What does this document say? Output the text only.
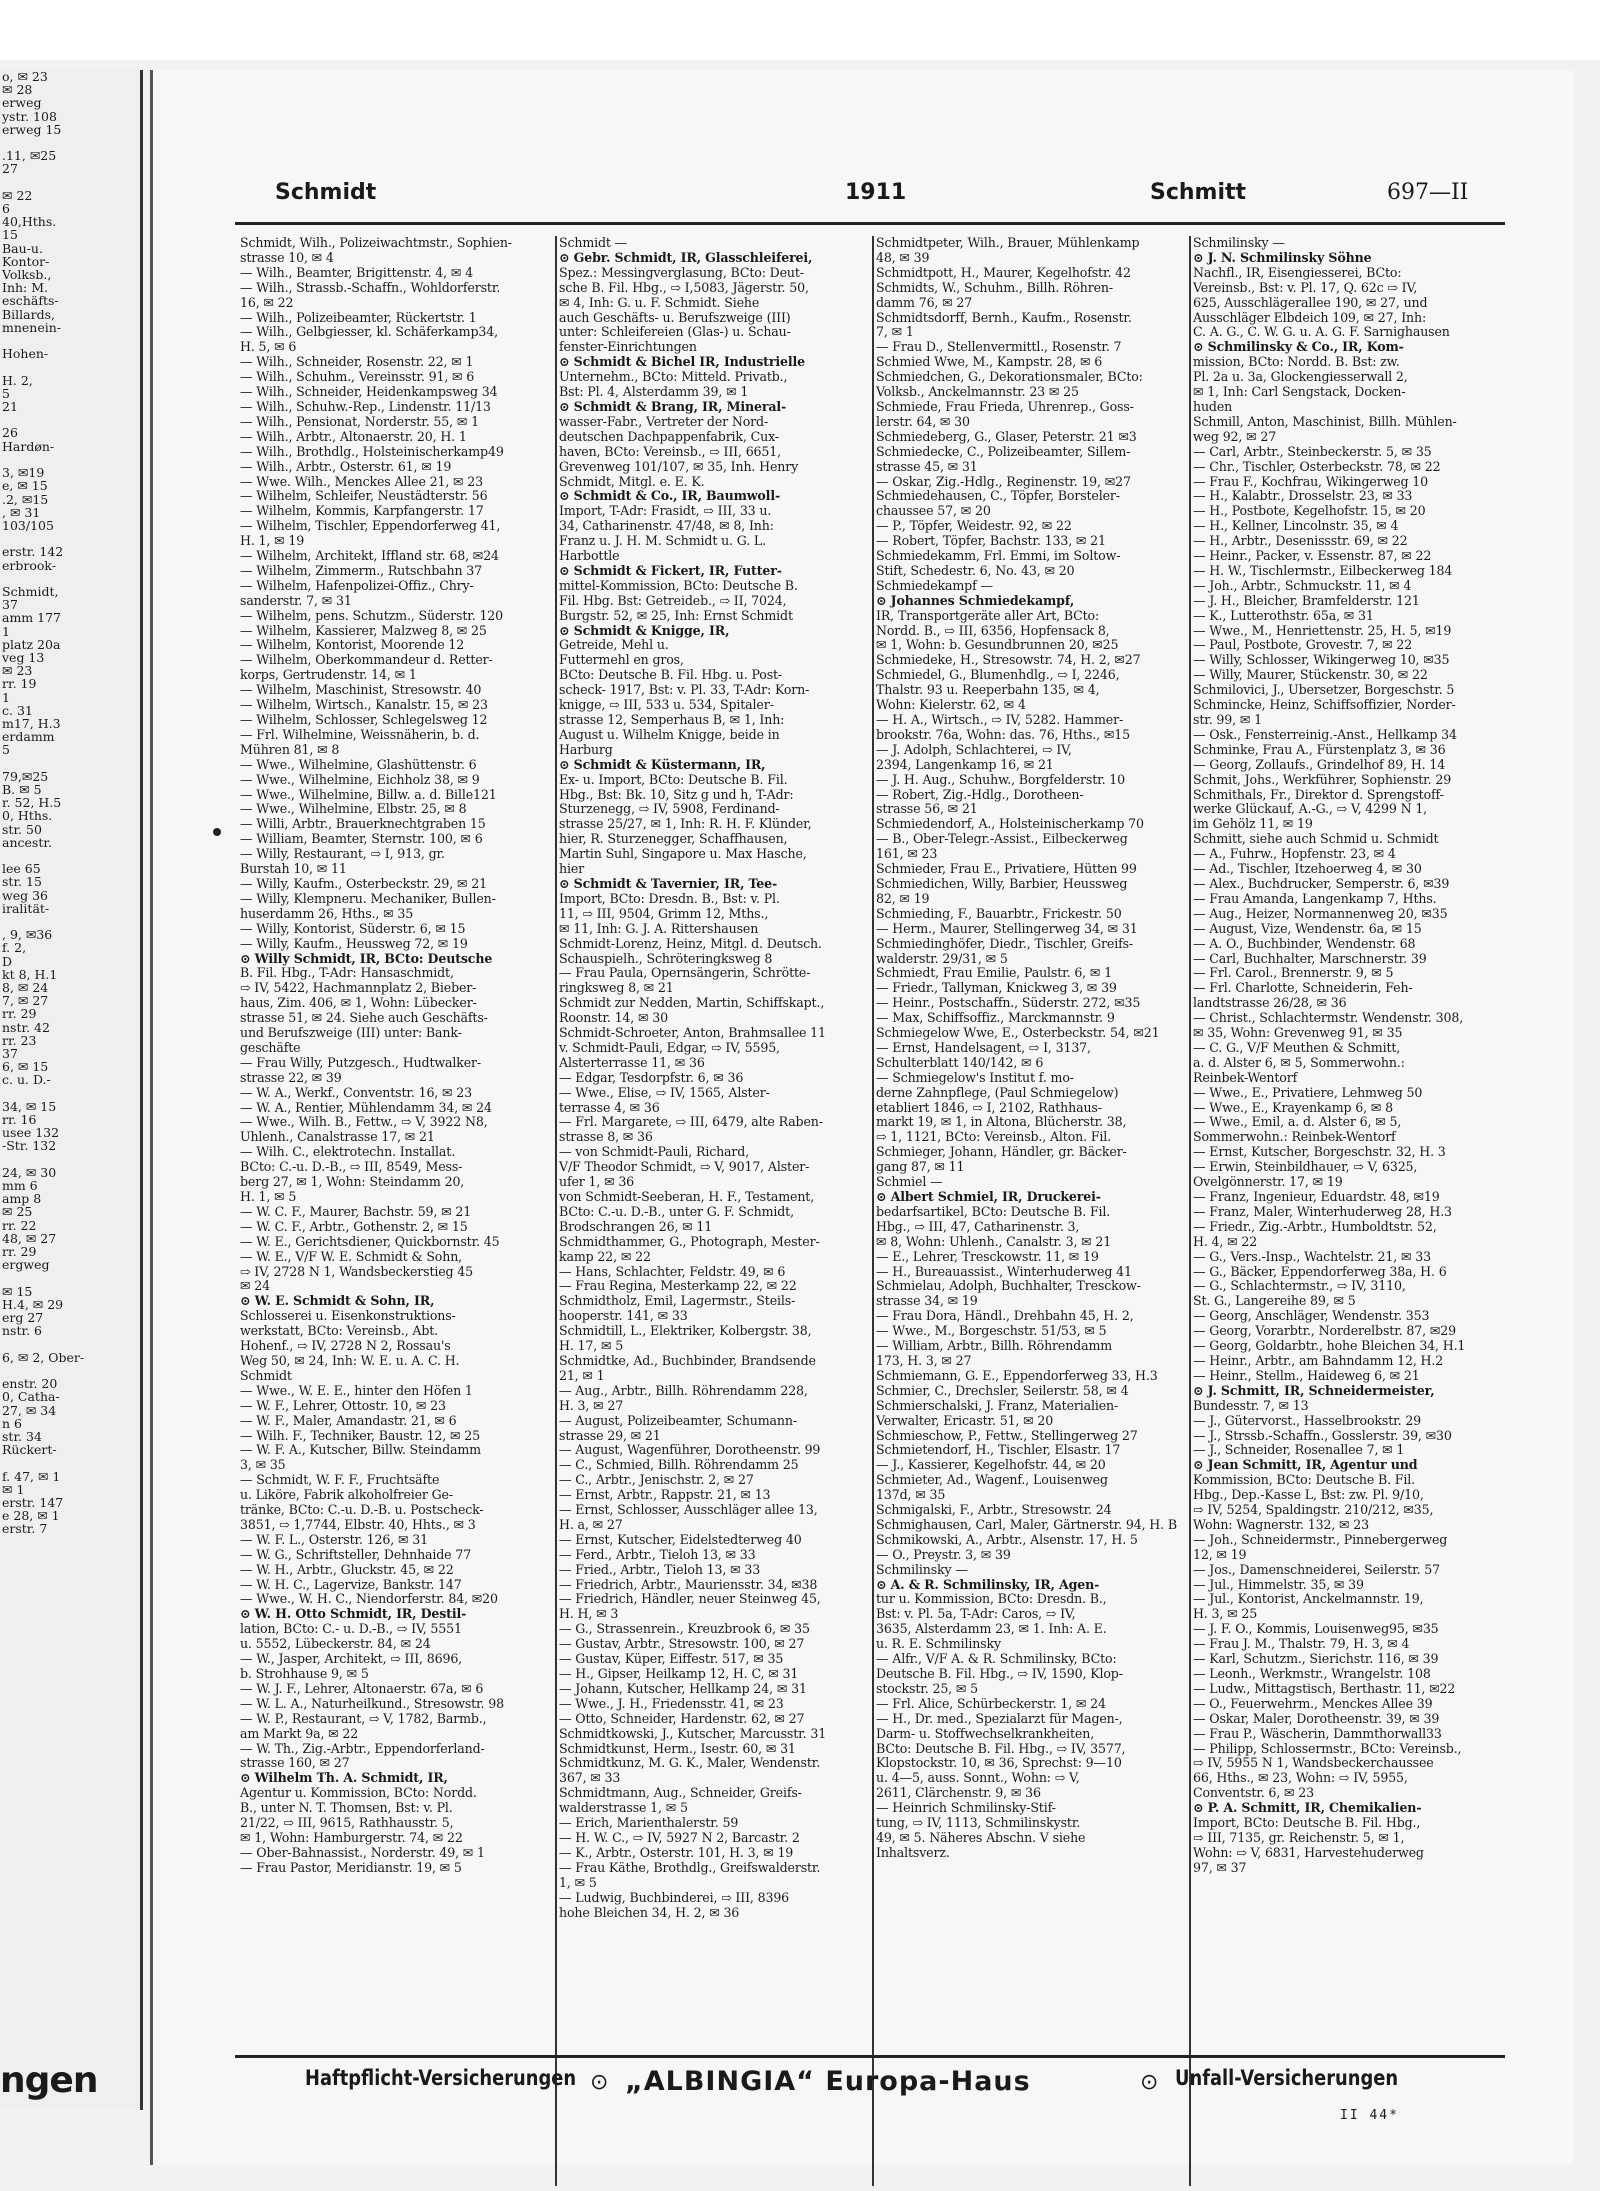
o, ✉ 23
✉ 28
erweg
ystr. 108
erweg 15

.11, ✉25
27

✉ 22
6
40,Hths.
15
Bau-u.
Kontor-
Volksb.,
Inh: M.
eschäfts-
Billards,
mnenein-

Hohen-

H. 2,
5
21

26
Hardøn-

3, ✉19
e, ✉ 15
.2, ✉15
, ✉ 31
103/105

erstr. 142
erbrook-

Schmidt,
37
amm 177
1
platz 20a
veg 13
✉ 23
rr. 19
1
c. 31
m17, H.3
erdamm
5

79,✉25
B. ✉ 5
r. 52, H.5
0, Hths.
str. 50
ancestr.

lee 65
str. 15
weg 36
iralität-

, 9, ✉36
f. 2,
D
kt 8, H.1
8, ✉ 24
7, ✉ 27
rr. 29
nstr. 42
rr. 23
37
6, ✉ 15
c. u. D.-

34, ✉ 15
rr. 16
usee 132
-Str. 132

24, ✉ 30
mm 6
amp 8
✉ 25
rr. 22
48, ✉ 27
rr. 29
ergweg

✉ 15
H.4, ✉ 29
erg 27
nstr. 6

6, ✉ 2, Ober-

enstr. 20
0, Catha-
27, ✉ 34
n 6
str. 34
Rückert-

f. 47, ✉ 1
✉ 1
erstr. 147
e 28, ✉ 1
erstr. 7
ngen
Schmidt	1911	Schmitt	697—II
Schmidt, Wilh., Polizeiwachtmstr., Sophien-
strasse 10, ✉ 4
— Wilh., Beamter, Brigittenstr. 4, ✉ 4
— Wilh., Strassb.-Schaffn., Wohldorferstr.
16, ✉ 22
— Wilh., Polizeibeamter, Rückertstr. 1
— Wilh., Gelbgiesser, kl. Schäferkamp34,
H. 5, ✉ 6
— Wilh., Schneider, Rosenstr. 22, ✉ 1
— Wilh., Schuhm., Vereinsstr. 91, ✉ 6
— Wilh., Schneider, Heidenkampsweg 34
— Wilh., Schuhw.-Rep., Lindenstr. 11/13
— Wilh., Pensionat, Norderstr. 55, ✉ 1
— Wilh., Arbtr., Altonaerstr. 20, H. 1
— Wilh., Brothdlg., Holsteinischerkamp49
— Wilh., Arbtr., Osterstr. 61, ✉ 19
— Wwe. Wilh., Menckes Allee 21, ✉ 23
— Wilhelm, Schleifer, Neustädterstr. 56
— Wilhelm, Kommis, Karpfangerstr. 17
— Wilhelm, Tischler, Eppendorferweg 41,
H. 1, ✉ 19
— Wilhelm, Architekt, Iffland str. 68, ✉24
— Wilhelm, Zimmerm., Rutschbahn 37
— Wilhelm, Hafenpolizei-Offiz., Chry-
sanderstr. 7, ✉ 31
— Wilhelm, pens. Schutzm., Süderstr. 120
— Wilhelm, Kassierer, Malzweg 8, ✉ 25
— Wilhelm, Kontorist, Moorende 12
— Wilhelm, Oberkommandeur d. Retter-
korps, Gertrudenstr. 14, ✉ 1
— Wilhelm, Maschinist, Stresowstr. 40
— Wilhelm, Wirtsch., Kanalstr. 15, ✉ 23
— Wilhelm, Schlosser, Schlegelsweg 12
— Frl. Wilhelmine, Weissnäherin, b. d.
Mühren 81, ✉ 8
— Wwe., Wilhelmine, Glashüttenstr. 6
— Wwe., Wilhelmine, Eichholz 38, ✉ 9
— Wwe., Wilhelmine, Billw. a. d. Bille121
— Wwe., Wilhelmine, Elbstr. 25, ✉ 8
— Willi, Arbtr., Brauerknechtgraben 15
— William, Beamter, Sternstr. 100, ✉ 6
— Willy, Restaurant, ⇨ I, 913, gr.
Burstah 10, ✉ 11
— Willy, Kaufm., Osterbeckstr. 29, ✉ 21
— Willy, Klempneru. Mechaniker, Bullen-
huserdamm 26, Hths., ✉ 35
— Willy, Kontorist, Süderstr. 6, ✉ 15
— Willy, Kaufm., Heussweg 72, ✉ 19
⊙ Willy Schmidt, IR, BCto: Deutsche
B. Fil. Hbg., T-Adr: Hansaschmidt,
⇨ IV, 5422, Hachmannplatz 2, Bieber-
haus, Zim. 406, ✉ 1, Wohn: Lübecker-
strasse 51, ✉ 24. Siehe auch Geschäfts-
und Berufszweige (III) unter: Bank-
geschäfte
— Frau Willy, Putzgesch., Hudtwalker-
strasse 22, ✉ 39
— W. A., Werkf., Conventstr. 16, ✉ 23
— W. A., Rentier, Mühlendamm 34, ✉ 24
— Wwe., Wilh. B., Fettw., ⇨ V, 3922 N8,
Uhlenh., Canalstrasse 17, ✉ 21
— Wilh. C., elektrotechn. Installat.
BCto: C.-u. D.-B., ⇨ III, 8549, Mess-
berg 27, ✉ 1, Wohn: Steindamm 20,
H. 1, ✉ 5
— W. C. F., Maurer, Bachstr. 59, ✉ 21
— W. C. F., Arbtr., Gothenstr. 2, ✉ 15
— W. E., Gerichtsdiener, Quickbornstr. 45
— W. E., V/F W. E. Schmidt & Sohn,
⇨ IV, 2728 N 1, Wandsbeckerstieg 45
✉ 24
⊙ W. E. Schmidt & Sohn, IR,
Schlosserei u. Eisenkonstruktions-
werkstatt, BCto: Vereinsb., Abt.
Hohenf., ⇨ IV, 2728 N 2, Rossau's
Weg 50, ✉ 24, Inh: W. E. u. A. C. H.
Schmidt
— Wwe., W. E. E., hinter den Höfen 1
— W. F., Lehrer, Ottostr. 10, ✉ 23
— W. F., Maler, Amandastr. 21, ✉ 6
— Wilh. F., Techniker, Baustr. 12, ✉ 25
— W. F. A., Kutscher, Billw. Steindamm
3, ✉ 35
— Schmidt, W. F. F., Fruchtsäfte
u. Liköre, Fabrik alkoholfreier Ge-
tränke, BCto: C.-u. D.-B. u. Postscheck-
3851, ⇨ 1,7744, Elbstr. 40, Hhts., ✉ 3
— W. F. L., Osterstr. 126, ✉ 31
— W. G., Schriftsteller, Dehnhaide 77
— W. H., Arbtr., Gluckstr. 45, ✉ 22
— W. H. C., Lagervize, Bankstr. 147
— Wwe., W. H. C., Niendorferstr. 84, ✉20
⊙ W. H. Otto Schmidt, IR, Destil-
lation, BCto: C.- u. D.-B., ⇨ IV, 5551
u. 5552, Lübeckerstr. 84, ✉ 24
— W., Jasper, Architekt, ⇨ III, 8696,
b. Strohhause 9, ✉ 5
— W. J. F., Lehrer, Altonaerstr. 67a, ✉ 6
— W. L. A., Naturheilkund., Stresowstr. 98
— W. P., Restaurant, ⇨ V, 1782, Barmb.,
am Markt 9a, ✉ 22
— W. Th., Zig.-Arbtr., Eppendorferland-
strasse 160, ✉ 27
⊙ Wilhelm Th. A. Schmidt, IR,
Agentur u. Kommission, BCto: Nordd.
B., unter N. T. Thomsen, Bst: v. Pl.
21/22, ⇨ III, 9615, Rathhausstr. 5,
✉ 1, Wohn: Hamburgerstr. 74, ✉ 22
— Ober-Bahnassist., Norderstr. 49, ✉ 1
— Frau Pastor, Meridianstr. 19, ✉ 5
Schmidt —
⊙ Gebr. Schmidt, IR, Glasschleiferei,
Spez.: Messingverglasung, BCto: Deut-
sche B. Fil. Hbg., ⇨ I,5083, Jägerstr. 50,
✉ 4, Inh: G. u. F. Schmidt. Siehe
auch Geschäfts- u. Berufszweige (III)
unter: Schleifereien (Glas-) u. Schau-
fenster-Einrichtungen
⊙ Schmidt & Bichel IR, Industrielle
Unternehm., BCto: Mitteld. Privatb.,
Bst: Pl. 4, Alsterdamm 39, ✉ 1
⊙ Schmidt & Brang, IR, Mineral-
wasser-Fabr., Vertreter der Nord-
deutschen Dachpappenfabrik, Cux-
haven, BCto: Vereinsb., ⇨ III, 6651,
Grevenweg 101/107, ✉ 35, Inh. Henry
Schmidt, Mitgl. e. E. K.
⊙ Schmidt & Co., IR, Baumwoll-
Import, T-Adr: Frasidt, ⇨ III, 33 u.
34, Catharinenstr. 47/48, ✉ 8, Inh:
Franz u. J. H. M. Schmidt u. G. L.
Harbottle
⊙ Schmidt & Fickert, IR, Futter-
mittel-Kommission, BCto: Deutsche B.
Fil. Hbg. Bst: Getreideb., ⇨ II, 7024,
Burgstr. 52, ✉ 25, Inh: Ernst Schmidt
⊙ Schmidt & Knigge, IR,
Getreide, Mehl u.
Futtermehl en gros,
BCto: Deutsche B. Fil. Hbg. u. Post-
scheck- 1917, Bst: v. Pl. 33, T-Adr: Korn-
knigge, ⇨ III, 533 u. 534, Spitaler-
strasse 12, Semperhaus B, ✉ 1, Inh:
August u. Wilhelm Knigge, beide in
Harburg
⊙ Schmidt & Küstermann, IR,
Ex- u. Import, BCto: Deutsche B. Fil.
Hbg., Bst: Bk. 10, Sitz g und h, T-Adr:
Sturzenegg, ⇨ IV, 5908, Ferdinand-
strasse 25/27, ✉ 1, Inh: R. H. F. Klünder,
hier, R. Sturzenegger, Schaffhausen,
Martin Suhl, Singapore u. Max Hasche,
hier
⊙ Schmidt & Tavernier, IR, Tee-
Import, BCto: Dresdn. B., Bst: v. Pl.
11, ⇨ III, 9504, Grimm 12, Mths.,
✉ 11, Inh: G. J. A. Rittershausen
Schmidt-Lorenz, Heinz, Mitgl. d. Deutsch.
Schauspielh., Schröteringksweg 8
— Frau Paula, Opernsängerin, Schrötte-
ringksweg 8, ✉ 21
Schmidt zur Nedden, Martin, Schiffskapt.,
Roonstr. 14, ✉ 30
Schmidt-Schroeter, Anton, Brahmsallee 11
v. Schmidt-Pauli, Edgar, ⇨ IV, 5595,
Alsterterrasse 11, ✉ 36
— Edgar, Tesdorpfstr. 6, ✉ 36
— Wwe., Elise, ⇨ IV, 1565, Alster-
terrasse 4, ✉ 36
— Frl. Margarete, ⇨ III, 6479, alte Raben-
strasse 8, ✉ 36
— von Schmidt-Pauli, Richard,
V/F Theodor Schmidt, ⇨ V, 9017, Alster-
ufer 1, ✉ 36
von Schmidt-Seeberan, H. F., Testament,
BCto: C.-u. D.-B., unter G. F. Schmidt,
Brodschrangen 26, ✉ 11
Schmidthammer, G., Photograph, Mester-
kamp 22, ✉ 22
— Hans, Schlachter, Feldstr. 49, ✉ 6
— Frau Regina, Mesterkamp 22, ✉ 22
Schmidtholz, Emil, Lagermstr., Steils-
hooperstr. 141, ✉ 33
Schmidtill, L., Elektriker, Kolbergstr. 38,
H. 17, ✉ 5
Schmidtke, Ad., Buchbinder, Brandsende
21, ✉ 1
— Aug., Arbtr., Billh. Röhrendamm 228,
H. 3, ✉ 27
— August, Polizeibeamter, Schumann-
strasse 29, ✉ 21
— August, Wagenführer, Dorotheenstr. 99
— C., Schmied, Billh. Röhrendamm 25
— C., Arbtr., Jenischstr. 2, ✉ 27
— Ernst, Arbtr., Rappstr. 21, ✉ 13
— Ernst, Schlosser, Ausschläger allee 13,
H. a, ✉ 27
— Ernst, Kutscher, Eidelstedterweg 40
— Ferd., Arbtr., Tieloh 13, ✉ 33
— Fried., Arbtr., Tieloh 13, ✉ 33
— Friedrich, Arbtr., Mauriensstr. 34, ✉38
— Friedrich, Händler, neuer Steinweg 45,
H. H, ✉ 3
— G., Strassenrein., Kreuzbrook 6, ✉ 35
— Gustav, Arbtr., Stresowstr. 100, ✉ 27
— Gustav, Küper, Eiffestr. 517, ✉ 35
— H., Gipser, Heilkamp 12, H. C, ✉ 31
— Johann, Kutscher, Hellkamp 24, ✉ 31
— Wwe., J. H., Friedensstr. 41, ✉ 23
— Otto, Schneider, Hardenstr. 62, ✉ 27
Schmidtkowski, J., Kutscher, Marcusstr. 31
Schmidtkunst, Herm., Isestr. 60, ✉ 31
Schmidtkunz, M. G. K., Maler, Wendenstr.
367, ✉ 33
Schmidtmann, Aug., Schneider, Greifs-
walderstrasse 1, ✉ 5
— Erich, Marienthalerstr. 59
— H. W. C., ⇨ IV, 5927 N 2, Barcastr. 2
— K., Arbtr., Osterstr. 101, H. 3, ✉ 19
— Frau Käthe, Brothdlg., Greifswalderstr.
1, ✉ 5
— Ludwig, Buchbinderei, ⇨ III, 8396
hohe Bleichen 34, H. 2, ✉ 36
Schmidtpeter, Wilh., Brauer, Mühlenkamp
48, ✉ 39
Schmidtpott, H., Maurer, Kegelhofstr. 42
Schmidts, W., Schuhm., Billh. Röhren-
damm 76, ✉ 27
Schmidtsdorff, Bernh., Kaufm., Rosenstr.
7, ✉ 1
— Frau D., Stellenvermittl., Rosenstr. 7
Schmied Wwe, M., Kampstr. 28, ✉ 6
Schmiedchen, G., Dekorationsmaler, BCto:
Volksb., Anckelmannstr. 23 ✉ 25
Schmiede, Frau Frieda, Uhrenrep., Goss-
lerstr. 64, ✉ 30
Schmiedeberg, G., Glaser, Peterstr. 21 ✉3
Schmiedecke, C., Polizeibeamter, Sillem-
strasse 45, ✉ 31
— Oskar, Zig.-Hdlg., Reginenstr. 19, ✉27
Schmiedehausen, C., Töpfer, Borsteler-
chaussee 57, ✉ 20
— P., Töpfer, Weidestr. 92, ✉ 22
— Robert, Töpfer, Bachstr. 133, ✉ 21
Schmiedekamm, Frl. Emmi, im Soltow-
Stift, Schedestr. 6, No. 43, ✉ 20
Schmiedekampf —
⊙ Johannes Schmiedekampf,
IR, Transportgeräte aller Art, BCto:
Nordd. B., ⇨ III, 6356, Hopfensack 8,
✉ 1, Wohn: b. Gesundbrunnen 20, ✉25
Schmiedeke, H., Stresowstr. 74, H. 2, ✉27
Schmiedel, G., Blumenhdlg., ⇨ I, 2246,
Thalstr. 93 u. Reeperbahn 135, ✉ 4,
Wohn: Kielerstr. 62, ✉ 4
— H. A., Wirtsch., ⇨ IV, 5282. Hammer-
brookstr. 76a, Wohn: das. 76, Hths., ✉15
— J. Adolph, Schlachterei, ⇨ IV,
2394, Langenkamp 16, ✉ 21
— J. H. Aug., Schuhw., Borgfelderstr. 10
— Robert, Zig.-Hdlg., Dorotheen-
strasse 56, ✉ 21
Schmiedendorf, A., Holsteinischerkamp 70
— B., Ober-Telegr.-Assist., Eilbeckerweg
161, ✉ 23
Schmieder, Frau E., Privatiere, Hütten 99
Schmiedichen, Willy, Barbier, Heussweg
82, ✉ 19
Schmieding, F., Bauarbtr., Frickestr. 50
— Herm., Maurer, Stellingerweg 34, ✉ 31
Schmiedinghöfer, Diedr., Tischler, Greifs-
walderstr. 29/31, ✉ 5
Schmiedt, Frau Emilie, Paulstr. 6, ✉ 1
— Friedr., Tallyman, Knickweg 3, ✉ 39
— Heinr., Postschaffn., Süderstr. 272, ✉35
— Max, Schiffsoffiz., Marckmannstr. 9
Schmiegelow Wwe, E., Osterbeckstr. 54, ✉21
— Ernst, Handelsagent, ⇨ I, 3137,
Schulterblatt 140/142, ✉ 6
— Schmiegelow's Institut f. mo-
derne Zahnpflege, (Paul Schmiegelow)
etabliert 1846, ⇨ I, 2102, Rathhaus-
markt 19, ✉ 1, in Altona, Blücherstr. 38,
⇨ 1, 1121, BCto: Vereinsb., Alton. Fil.
Schmieger, Johann, Händler, gr. Bäcker-
gang 87, ✉ 11
Schmiel —
⊙ Albert Schmiel, IR, Druckerei-
bedarfsartikel, BCto: Deutsche B. Fil.
Hbg., ⇨ III, 47, Catharinenstr. 3,
✉ 8, Wohn: Uhlenh., Canalstr. 3, ✉ 21
— E., Lehrer, Tresckowstr. 11, ✉ 19
— H., Bureauassist., Winterhuderweg 41
Schmielau, Adolph, Buchhalter, Tresckow-
strasse 34, ✉ 19
— Frau Dora, Händl., Drehbahn 45, H. 2,
— Wwe., M., Borgeschstr. 51/53, ✉ 5
— William, Arbtr., Billh. Röhrendamm
173, H. 3, ✉ 27
Schmiemann, G. E., Eppendorferweg 33, H.3
Schmier, C., Drechsler, Seilerstr. 58, ✉ 4
Schmierschalski, J. Franz, Materialien-
Verwalter, Ericastr. 51, ✉ 20
Schmieschow, P., Fettw., Stellingerweg 27
Schmietendorf, H., Tischler, Elsastr. 17
— J., Kassierer, Kegelhofstr. 44, ✉ 20
Schmieter, Ad., Wagenf., Louisenweg
137d, ✉ 35
Schmigalski, F., Arbtr., Stresowstr. 24
Schmighausen, Carl, Maler, Gärtnerstr. 94, H. B
Schmikowski, A., Arbtr., Alsenstr. 17, H. 5
— O., Preystr. 3, ✉ 39
Schmilinsky —
⊙ A. & R. Schmilinsky, IR, Agen-
tur u. Kommission, BCto: Dresdn. B.,
Bst: v. Pl. 5a, T-Adr: Caros, ⇨ IV,
3635, Alsterdamm 23, ✉ 1. Inh: A. E.
u. R. E. Schmilinsky
— Alfr., V/F A. & R. Schmilinsky, BCto:
Deutsche B. Fil. Hbg., ⇨ IV, 1590, Klop-
stockstr. 25, ✉ 5
— Frl. Alice, Schürbeckerstr. 1, ✉ 24
— H., Dr. med., Spezialarzt für Magen-,
Darm- u. Stoffwechselkrankheiten,
BCto: Deutsche B. Fil. Hbg., ⇨ IV, 3577,
Klopstockstr. 10, ✉ 36, Sprechst: 9—10
u. 4—5, auss. Sonnt., Wohn: ⇨ V,
2611, Clärchenstr. 9, ✉ 36
— Heinrich Schmilinsky-Stif-
tung, ⇨ IV, 1113, Schmilinskystr.
49, ✉ 5. Näheres Abschn. V siehe
Inhaltsverz.
Schmilinsky —
⊙ J. N. Schmilinsky Söhne
Nachfl., IR, Eisengiesserei, BCto:
Vereinsb., Bst: v. Pl. 17, Q. 62c ⇨ IV,
625, Ausschlägerallee 190, ✉ 27, und
Ausschläger Elbdeich 109, ✉ 27, Inh:
C. A. G., C. W. G. u. A. G. F. Sarnighausen
⊙ Schmilinsky & Co., IR, Kom-
mission, BCto: Nordd. B. Bst: zw.
Pl. 2a u. 3a, Glockengiesserwall 2,
✉ 1, Inh: Carl Sengstack, Docken-
huden
Schmill, Anton, Maschinist, Billh. Mühlen-
weg 92, ✉ 27
— Carl, Arbtr., Steinbeckerstr. 5, ✉ 35
— Chr., Tischler, Osterbeckstr. 78, ✉ 22
— Frau F., Kochfrau, Wikingerweg 10
— H., Kalabtr., Drosselstr. 23, ✉ 33
— H., Postbote, Kegelhofstr. 15, ✉ 20
— H., Kellner, Lincolnstr. 35, ✉ 4
— H., Arbtr., Desenissstr. 69, ✉ 22
— Heinr., Packer, v. Essenstr. 87, ✉ 22
— H. W., Tischlermstr., Eilbeckerweg 184
— Joh., Arbtr., Schmuckstr. 11, ✉ 4
— J. H., Bleicher, Bramfelderstr. 121
— K., Lutterothstr. 65a, ✉ 31
— Wwe., M., Henriettenstr. 25, H. 5, ✉19
— Paul, Postbote, Grovestr. 7, ✉ 22
— Willy, Schlosser, Wikingerweg 10, ✉35
— Willy, Maurer, Stückenstr. 30, ✉ 22
Schmilovici, J., Übersetzer, Borgeschstr. 5
Schmincke, Heinz, Schiffsoffizier, Norder-
str. 99, ✉ 1
— Osk., Fensterreinig.-Anst., Hellkamp 34
Schminke, Frau A., Fürstenplatz 3, ✉ 36
— Georg, Zollaufs., Grindelhof 89, H. 14
Schmit, Johs., Werkführer, Sophienstr. 29
Schmithals, Fr., Direktor d. Sprengstoff-
werke Glückauf, A.-G., ⇨ V, 4299 N 1,
im Gehölz 11, ✉ 19
Schmitt, siehe auch Schmid u. Schmidt
— A., Fuhrw., Hopfenstr. 23, ✉ 4
— Ad., Tischler, Itzehoerweg 4, ✉ 30
— Alex., Buchdrucker, Semperstr. 6, ✉39
— Frau Amanda, Langenkamp 7, Hths.
— Aug., Heizer, Normannenweg 20, ✉35
— August, Vize, Wendenstr. 6a, ✉ 15
— A. O., Buchbinder, Wendenstr. 68
— Carl, Buchhalter, Marschnerstr. 39
— Frl. Carol., Brennerstr. 9, ✉ 5
— Frl. Charlotte, Schneiderin, Feh-
landtstrasse 26/28, ✉ 36
— Christ., Schlachtermstr. Wendenstr. 308,
✉ 35, Wohn: Grevenweg 91, ✉ 35
— C. G., V/F Meuthen & Schmitt,
a. d. Alster 6, ✉ 5, Sommerwohn.:
Reinbek-Wentorf
— Wwe., E., Privatiere, Lehmweg 50
— Wwe., E., Krayenkamp 6, ✉ 8
— Wwe., Emil, a. d. Alster 6, ✉ 5,
Sommerwohn.: Reinbek-Wentorf
— Ernst, Kutscher, Borgeschstr. 32, H. 3
— Erwin, Steinbildhauer, ⇨ V, 6325,
Övelgönnerstr. 17, ✉ 19
— Franz, Ingenieur, Eduardstr. 48, ✉19
— Franz, Maler, Winterhuderweg 28, H.3
— Friedr., Zig.-Arbtr., Humboldtstr. 52,
H. 4, ✉ 22
— G., Vers.-Insp., Wachtelstr. 21, ✉ 33
— G., Bäcker, Eppendorferweg 38a, H. 6
— G., Schlachtermstr., ⇨ IV, 3110,
St. G., Langereihe 89, ✉ 5
— Georg, Anschläger, Wendenstr. 353
— Georg, Vorarbtr., Norderelbstr. 87, ✉29
— Georg, Goldarbtr., hohe Bleichen 34, H.1
— Heinr., Arbtr., am Bahndamm 12, H.2
— Heinr., Stellm., Haideweg 6, ✉ 21
⊙ J. Schmitt, IR, Schneidermeister,
Bundesstr. 7, ✉ 13
— J., Gütervorst., Hasselbrookstr. 29
— J., Strssb.-Schaffn., Gosslerstr. 39, ✉30
— J., Schneider, Rosenallee 7, ✉ 1
⊙ Jean Schmitt, IR, Agentur und
Kommission, BCto: Deutsche B. Fil.
Hbg., Dep.-Kasse L, Bst: zw. Pl. 9/10,
⇨ IV, 5254, Spaldingstr. 210/212, ✉35,
Wohn: Wagnerstr. 132, ✉ 23
— Joh., Schneidermstr., Pinnebergerweg
12, ✉ 19
— Jos., Damenschneiderei, Seilerstr. 57
— Jul., Himmelstr. 35, ✉ 39
— Jul., Kontorist, Anckelmannstr. 19,
H. 3, ✉ 25
— J. F. O., Kommis, Louisenweg95, ✉35
— Frau J. M., Thalstr. 79, H. 3, ✉ 4
— Karl, Schutzm., Sierichstr. 116, ✉ 39
— Leonh., Werkmstr., Wrangelstr. 108
— Ludw., Mittagstisch, Berthastr. 11, ✉22
— O., Feuerwehrm., Menckes Allee 39
— Oskar, Maler, Dorotheenstr. 39, ✉ 39
— Frau P., Wäscherin, Dammthorwall33
— Philipp, Schlossermstr., BCto: Vereinsb.,
⇨ IV, 5955 N 1, Wandsbeckerchaussee
66, Hths., ✉ 23, Wohn: ⇨ IV, 5955,
Conventstr. 6, ✉ 23
⊙ P. A. Schmitt, IR, Chemikalien-
Import, BCto: Deutsche B. Fil. Hbg.,
⇨ III, 7135, gr. Reichenstr. 5, ✉ 1,
Wohn: ⇨ V, 6831, Harvestehuderweg
97, ✉ 37
Haftpflicht-Versicherungen ⊙ „ALBINGIA“ Europa-Haus	⊙ Unfall-Versicherungen
II 44*
